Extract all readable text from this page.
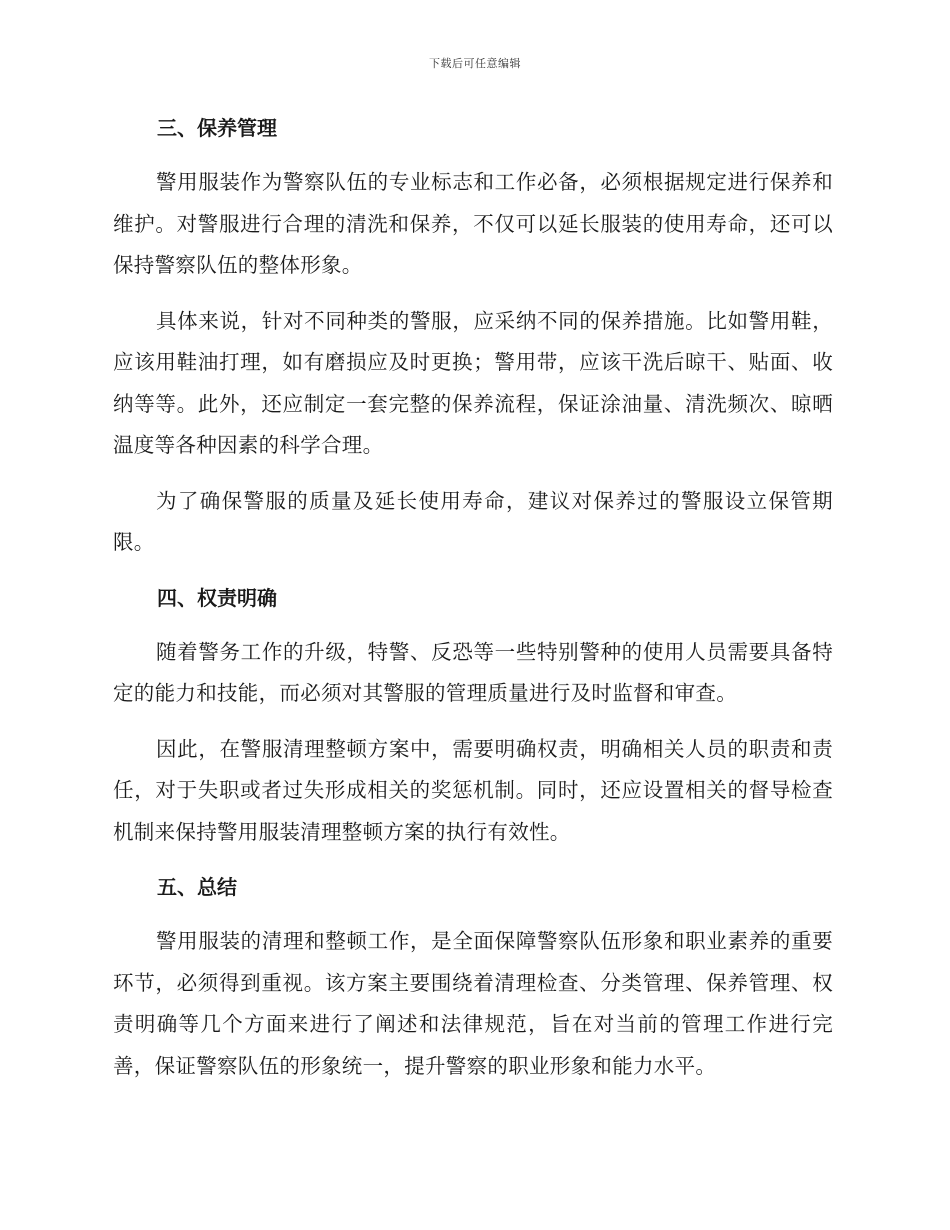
下载后可任意编辑
三、保养管理

警用服装作为警察队伍的专业标志和工作必备，必须根据规定进行保养和维护。对警服进行合理的清洗和保养，不仅可以延长服装的使用寿命，还可以保持警察队伍的整体形象。

具体来说，针对不同种类的警服，应采纳不同的保养措施。比如警用鞋，应该用鞋油打理，如有磨损应及时更换；警用带，应该干洗后晾干、贴面、收纳等等。此外，还应制定一套完整的保养流程，保证涂油量、清洗频次、晾晒温度等各种因素的科学合理。

为了确保警服的质量及延长使用寿命，建议对保养过的警服设立保管期限。

四、权责明确

随着警务工作的升级，特警、反恐等一些特别警种的使用人员需要具备特定的能力和技能，而必须对其警服的管理质量进行及时监督和审查。

因此，在警服清理整顿方案中，需要明确权责，明确相关人员的职责和责任，对于失职或者过失形成相关的奖惩机制。同时，还应设置相关的督导检查机制来保持警用服装清理整顿方案的执行有效性。

五、总结

警用服装的清理和整顿工作，是全面保障警察队伍形象和职业素养的重要环节，必须得到重视。该方案主要围绕着清理检查、分类管理、保养管理、权责明确等几个方面来进行了阐述和法律规范，旨在对当前的管理工作进行完善，保证警察队伍的形象统一，提升警察的职业形象和能力水平。
